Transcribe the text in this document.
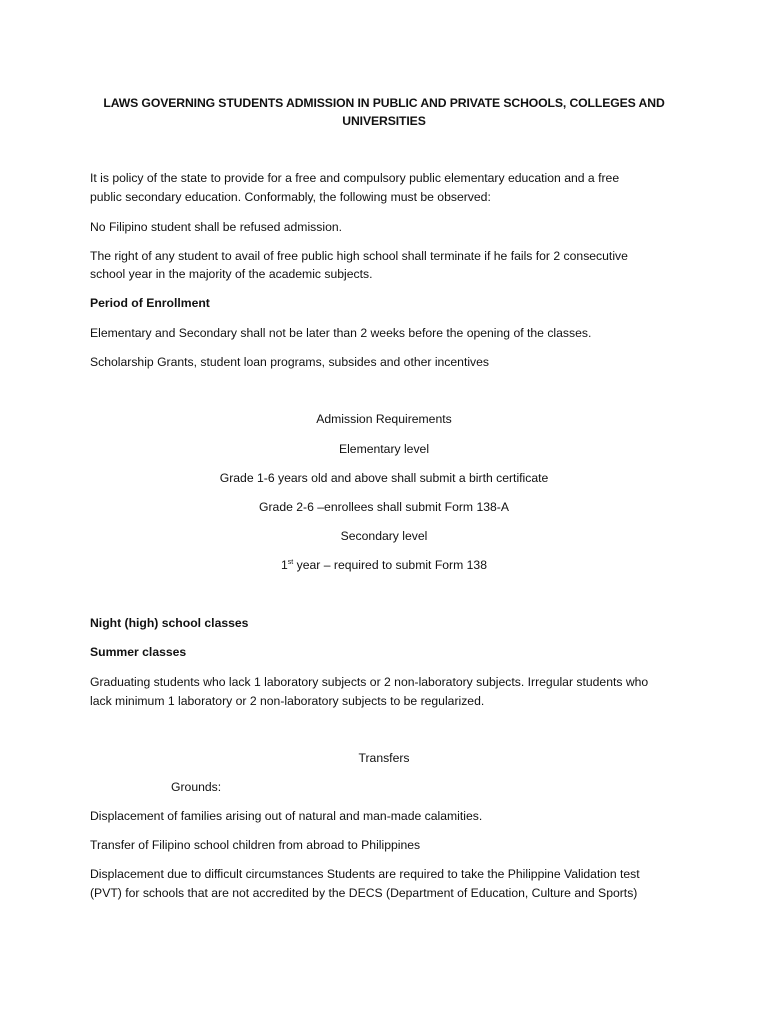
LAWS GOVERNING STUDENTS ADMISSION IN PUBLIC AND PRIVATE SCHOOLS, COLLEGES AND
UNIVERSITIES
It is policy of the state to provide for a free and compulsory public elementary education and a free
public secondary education. Conformably, the following must be observed:
No Filipino student shall be refused admission.
The right of any student to avail of free public high school shall terminate if he fails for 2 consecutive
school year in the majority of the academic subjects.
Period of Enrollment
Elementary and Secondary shall not be later than 2 weeks before the opening of the classes.
Scholarship Grants, student loan programs, subsides and other incentives
Admission Requirements
Elementary level
Grade 1-6 years old and above shall submit a birth certificate
Grade 2-6 –enrollees shall submit Form 138-A
Secondary level
1st year – required to submit Form 138
Night (high) school classes
Summer classes
Graduating students who lack 1 laboratory subjects or 2 non-laboratory subjects. Irregular students who
lack minimum 1 laboratory or 2 non-laboratory subjects to be regularized.
Transfers
Grounds:
Displacement of families arising out of natural and man-made calamities.
Transfer of Filipino school children from abroad to Philippines
Displacement due to difficult circumstances Students are required to take the Philippine Validation test
(PVT) for schools that are not accredited by the DECS (Department of Education, Culture and Sports)
